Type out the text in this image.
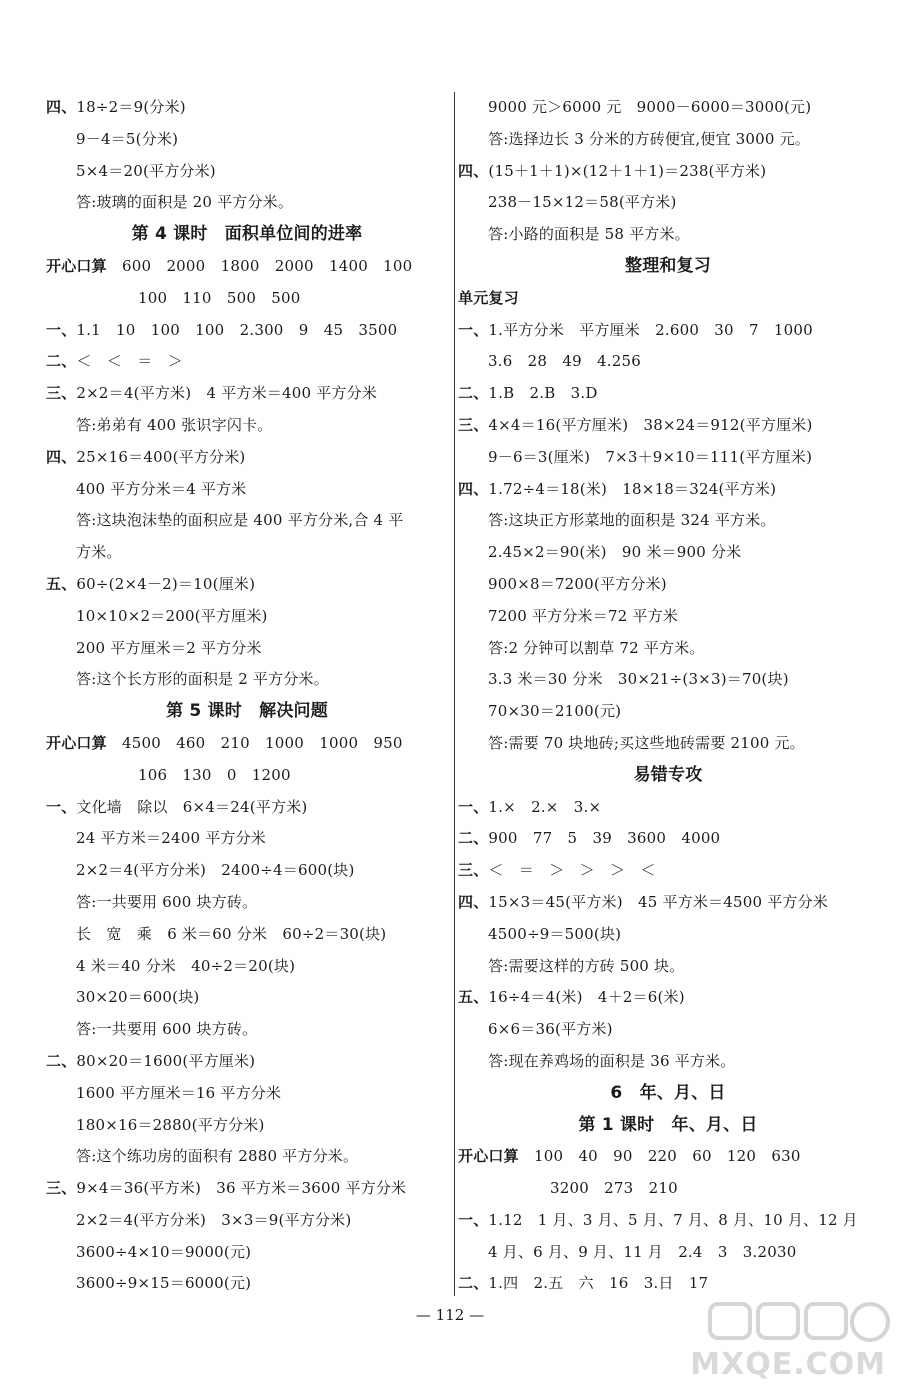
四、18÷2＝9(分米)
9－4＝5(分米)
5×4＝20(平方分米)
答:玻璃的面积是 20 平方分米。
第 4 课时　面积单位间的进率
开心口算　600　2000　1800　2000　1400　100
100　110　500　500
一、1.1　10　100　100　2.300　9　45　3500
二、＜　＜　＝　＞
三、2×2＝4(平方米)　4 平方米＝400 平方分米
答:弟弟有 400 张识字闪卡。
四、25×16＝400(平方分米)
400 平方分米＝4 平方米
答:这块泡沫垫的面积应是 400 平方分米,合 4 平
方米。
五、60÷(2×4－2)＝10(厘米)
10×10×2＝200(平方厘米)
200 平方厘米＝2 平方分米
答:这个长方形的面积是 2 平方分米。
第 5 课时　解决问题
开心口算　4500　460　210　1000　1000　950
106　130　0　1200
一、文化墙　除以　6×4＝24(平方米)
24 平方米＝2400 平方分米
2×2＝4(平方分米)　2400÷4＝600(块)
答:一共要用 600 块方砖。
长　宽　乘　6 米＝60 分米　60÷2＝30(块)
4 米＝40 分米　40÷2＝20(块)
30×20＝600(块)
答:一共要用 600 块方砖。
二、80×20＝1600(平方厘米)
1600 平方厘米＝16 平方分米
180×16＝2880(平方分米)
答:这个练功房的面积有 2880 平方分米。
三、9×4＝36(平方米)　36 平方米＝3600 平方分米
2×2＝4(平方分米)　3×3＝9(平方分米)
3600÷4×10＝9000(元)
3600÷9×15＝6000(元)
9000 元＞6000 元　9000－6000＝3000(元)
答:选择边长 3 分米的方砖便宜,便宜 3000 元。
四、(15＋1＋1)×(12＋1＋1)＝238(平方米)
238－15×12＝58(平方米)
答:小路的面积是 58 平方米。
整理和复习
单元复习
一、1.平方分米　平方厘米　2.600　30　7　1000
3.6　28　49　4.256
二、1.B　2.B　3.D
三、4×4＝16(平方厘米)　38×24＝912(平方厘米)
9－6＝3(厘米)　7×3＋9×10＝111(平方厘米)
四、1.72÷4＝18(米)　18×18＝324(平方米)
答:这块正方形菜地的面积是 324 平方米。
2.45×2＝90(米)　90 米＝900 分米
900×8＝7200(平方分米)
7200 平方分米＝72 平方米
答:2 分钟可以割草 72 平方米。
3.3 米＝30 分米　30×21÷(3×3)＝70(块)
70×30＝2100(元)
答:需要 70 块地砖;买这些地砖需要 2100 元。
易错专攻
一、1.×　2.×　3.×
二、900　77　5　39　3600　4000
三、＜　＝　＞　＞　＞　＜
四、15×3＝45(平方米)　45 平方米＝4500 平方分米
4500÷9＝500(块)
答:需要这样的方砖 500 块。
五、16÷4＝4(米)　4＋2＝6(米)
6×6＝36(平方米)
答:现在养鸡场的面积是 36 平方米。
6　年、月、日
第 1 课时　年、月、日
开心口算　100　40　90　220　60　120　630
3200　273　210
一、1.12　1 月、3 月、5 月、7 月、8 月、10 月、12 月
4 月、6 月、9 月、11 月　2.4　3　3.2030
二、1.四　2.五　六　16　3.日　17
— 112 —
MXQE.COM
